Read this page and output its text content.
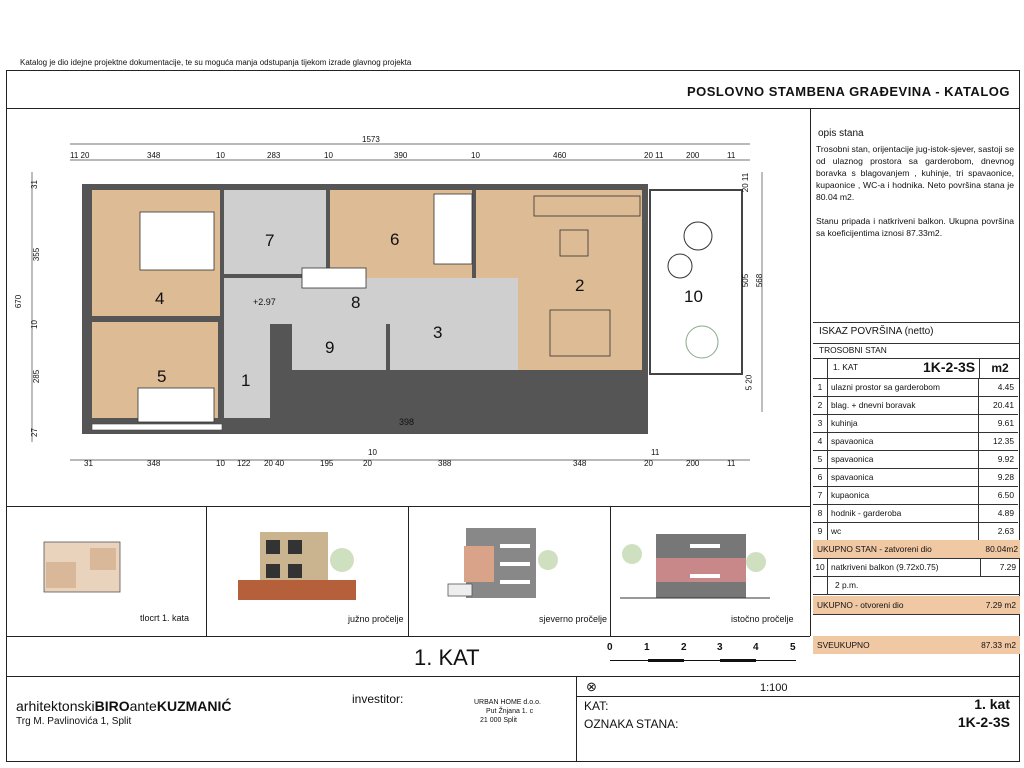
Katalog je dio idejne projektne dokumentacije, te su moguća manja odstupanja tijekom izrade glavnog projekta
POSLOVNO STAMBENA GRAĐEVINA - KATALOG
opis stana
Trosobni stan, orijentacije jug-istok-sjever, sastoji se od ulaznog prostora sa garderobom, dnevnog boravka s blagovanjem , kuhinje, tri spavaonice, kupaonice , WC-a i hodnika. Neto površina stana je 80.04 m2.
Stanu pripada i natkriveni balkon. Ukupna površina sa koeficijentima iznosi 87.33m2.
ISKAZ POVRŠINA (netto)
TROSOBNI STAN
1. KAT	1K-2-3S	m2
1	ulazni prostor sa garderobom	4.45
2	blag. + dnevni boravak	20.41
3	kuhinja	9.61
4	spavaonica	12.35
5	spavaonica	9.92
6	spavaonica	9.28
7	kupaonica	6.50
8	hodnik - garderoba	4.89
9	wc	2.63
UKUPNO STAN - zatvoreni dio	80.04m2
10 natkriveni balkon (9.72x0.75)	7.29
2 p.m.
UKUPNO - otvoreni dio	7.29 m2
SVEUKUPNO	87.33 m2
1
2
3
4
5
6
7
8
9
10
+2.97
1573
11 20	348	10	283	10	390	10	460	20 11	200	11
398
10	11
31	348	10 122 20 40	195	20	388	348	20	200	11
31
355
670
10
285
27
20 11
505 568
5 20
tlocrt 1. kata	južno pročelje	sjeverno pročelje	istočno pročelje
1. KAT	0	1	2	3	4	5
⊗	1:100
arhitektonskiBIROanteKUZMANIĆ
Trg M. Pavlinovića 1, Split
investitor:	URBAN HOME d.o.o.
Put Žnjana 1. c
21 000 Split
KAT:	1. kat
OZNAKA STANA:	1K-2-3S
